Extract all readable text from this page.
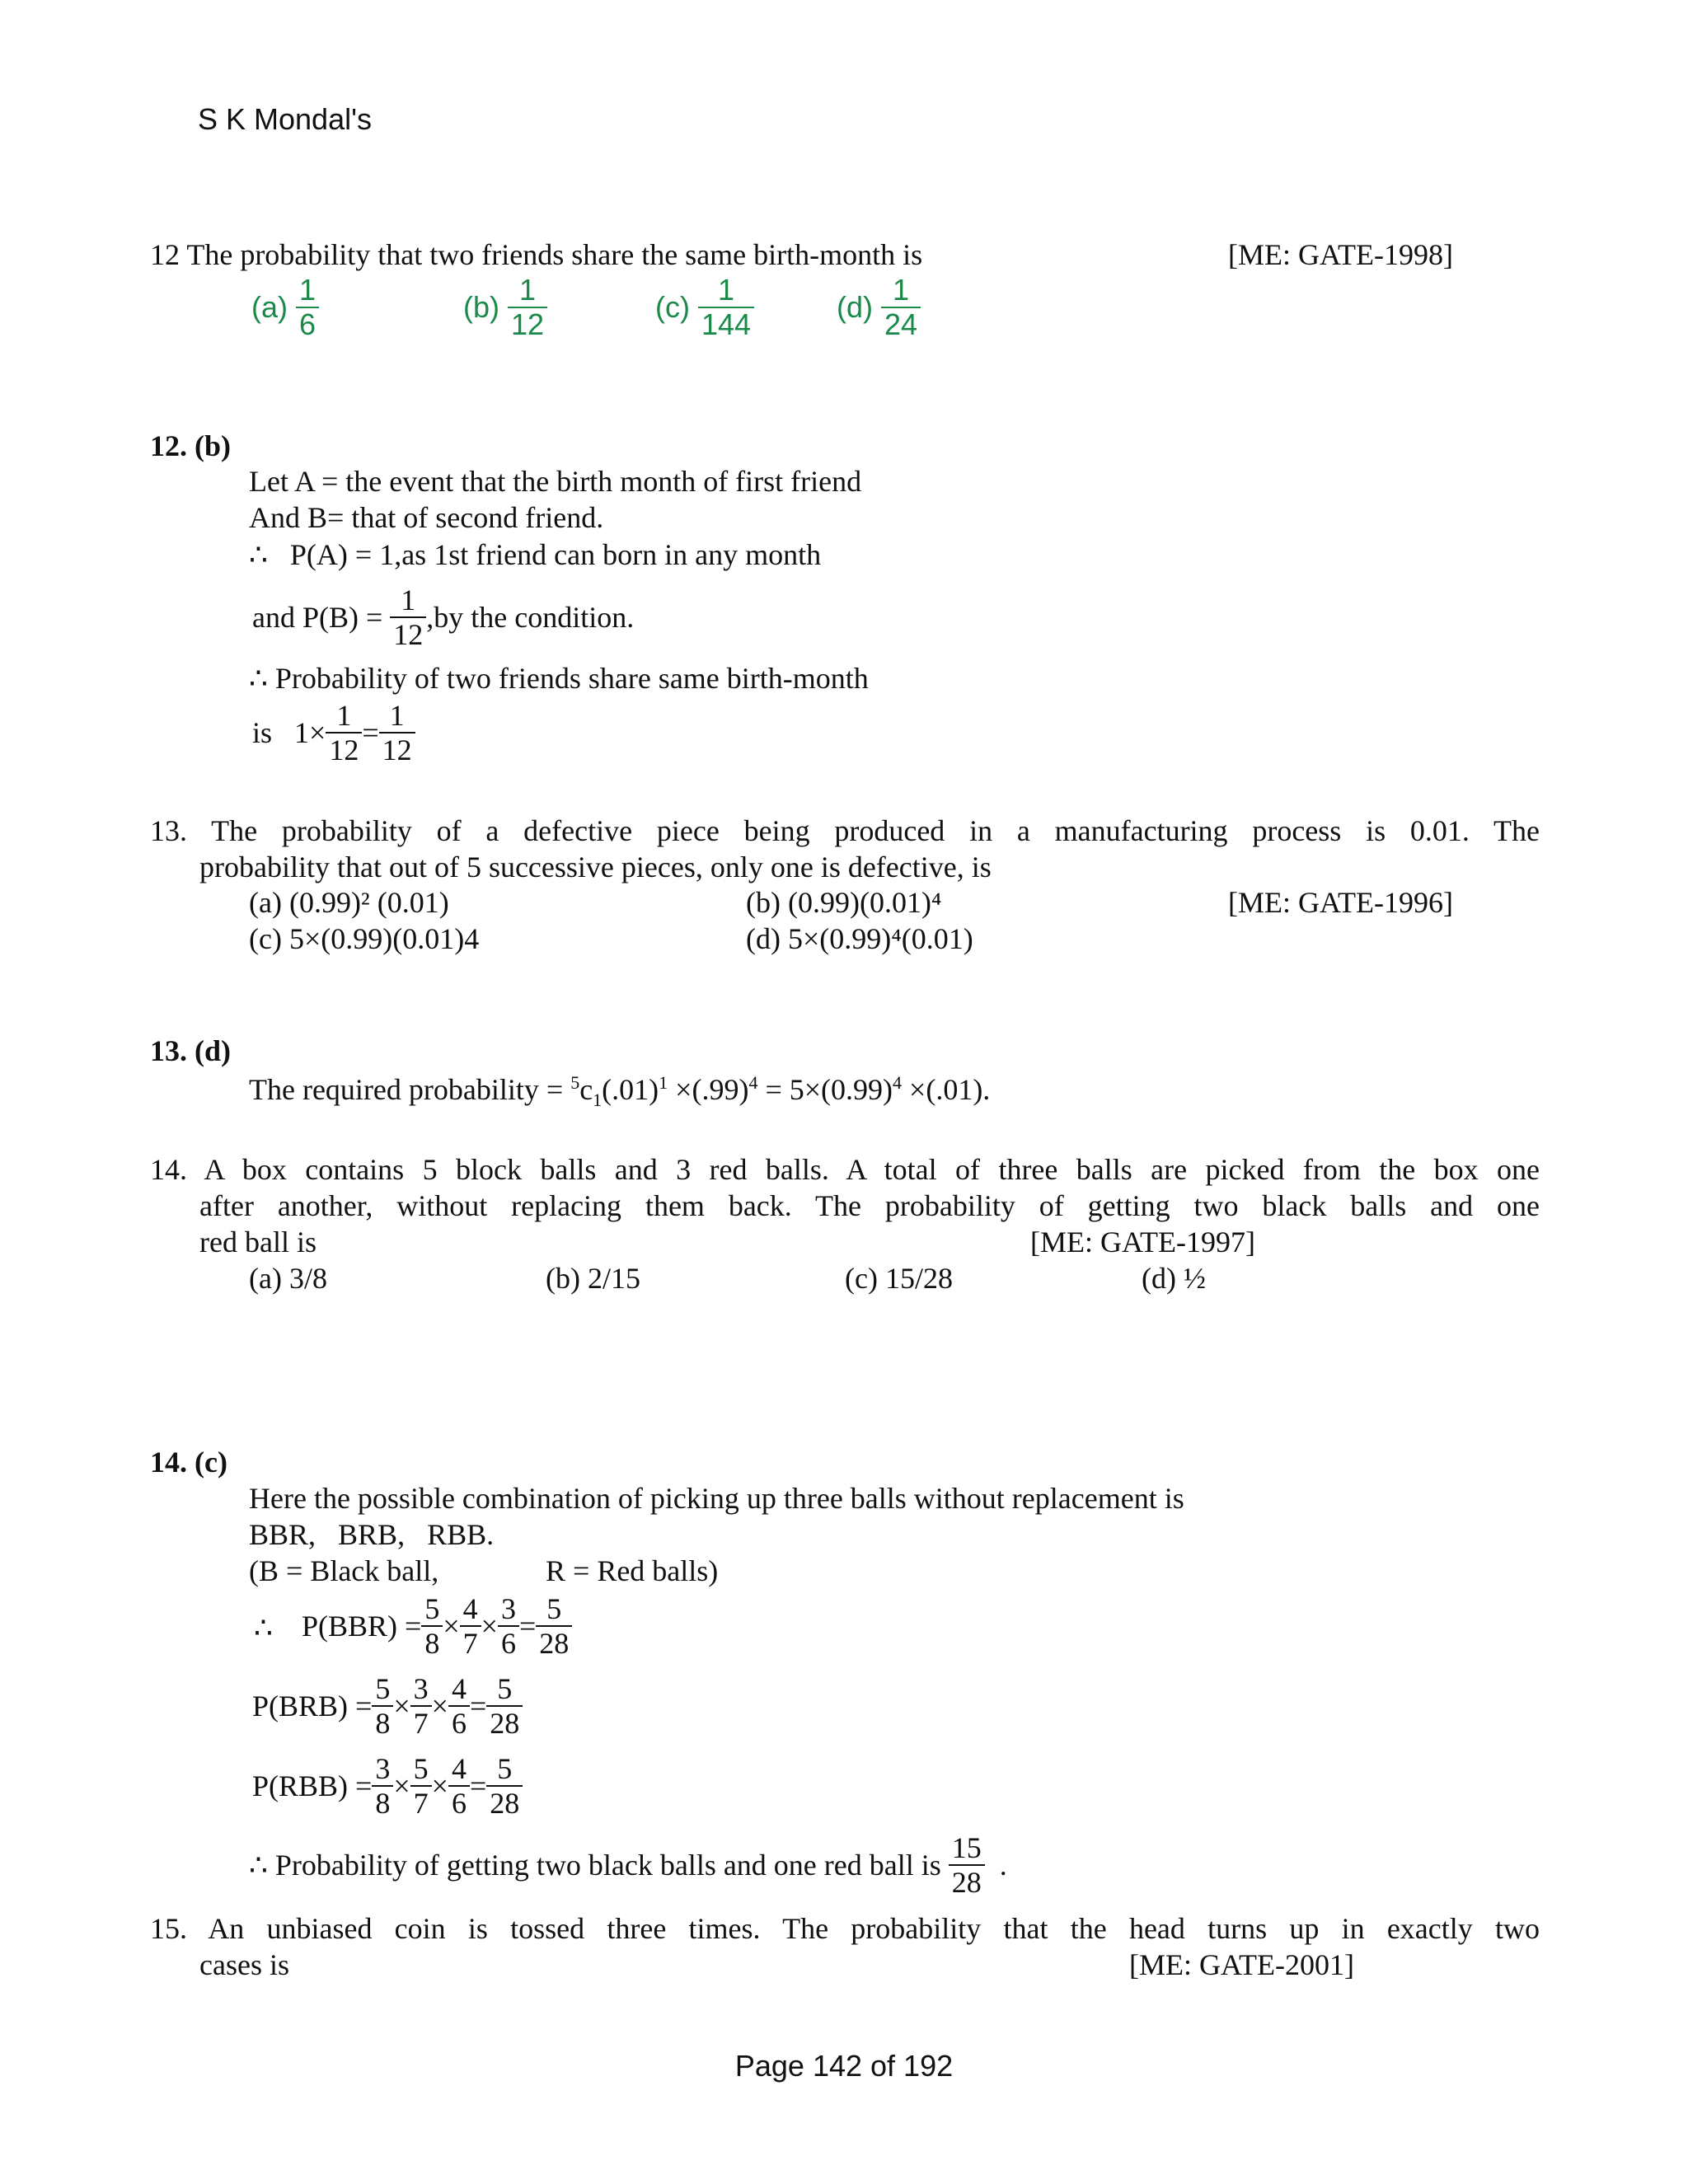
S K Mondal's
12 The probability that two friends share the same birth-month is	[ME: GATE-1998]
$(a) \frac{1}{6}$	$(b) \frac{1}{12}$	$(c) \frac{1}{144}$	$(d) \frac{1}{24}$
12. (b)
Let A = the event that the birth month of first friend
And B= that of second friend.
∴ P(A) = 1,as 1st friend can born in any month
and P(B) =
$\frac{1}{12} ,by$ the condition.
∴ Probability of two friends share same birth-month
is
$1\times \frac{1}{12} = \frac{1}{12}$
13. The probability of a defective piece being produced in a manufacturing process is 0.01. The
probability that out of 5 successive pieces, only one is defective, is
(a) (0.99)² (0.01)	(b) (0.99)(0.01)⁴	[ME: GATE-1996]
(c) 5×(0.99)(0.01)4	(d) 5×(0.99)⁴(0.01)
13. (d)
The required probability = $^5c_1(.01)^1 \times(.99)^4 = 5\times(0.99)^4 \times(.01)$.
14. A box contains 5 block balls and 3 red balls. A total of three balls are picked from the box one
after another, without replacing them back. The probability of getting two black balls and one
red ball is	[ME: GATE-1997]
(a) 3/8	(b) 2/15	(c) 15/28	(d) ½
14. (c)
Here the possible combination of picking up three balls without replacement is
BBR,   BRB,   RBB.
(B = Black ball,	R = Red balls)
∴ $P(BBR) = \frac{5}{8} \times \frac{4}{7} \times \frac{3}{6} = \frac{5}{28}$
$P(BRB) = \frac{5}{8} \times \frac{3}{7} \times \frac{4}{6} = \frac{5}{28}$
$P(RBB) = \frac{3}{8} \times \frac{5}{7} \times \frac{4}{6} = \frac{5}{28}$
∴ Probability of getting two black balls and one red ball is
$\frac{15}{28}$
.
15. An unbiased coin is tossed three times. The probability that the head turns up in exactly two
cases is	[ME: GATE-2001]
Page 142 of 192
